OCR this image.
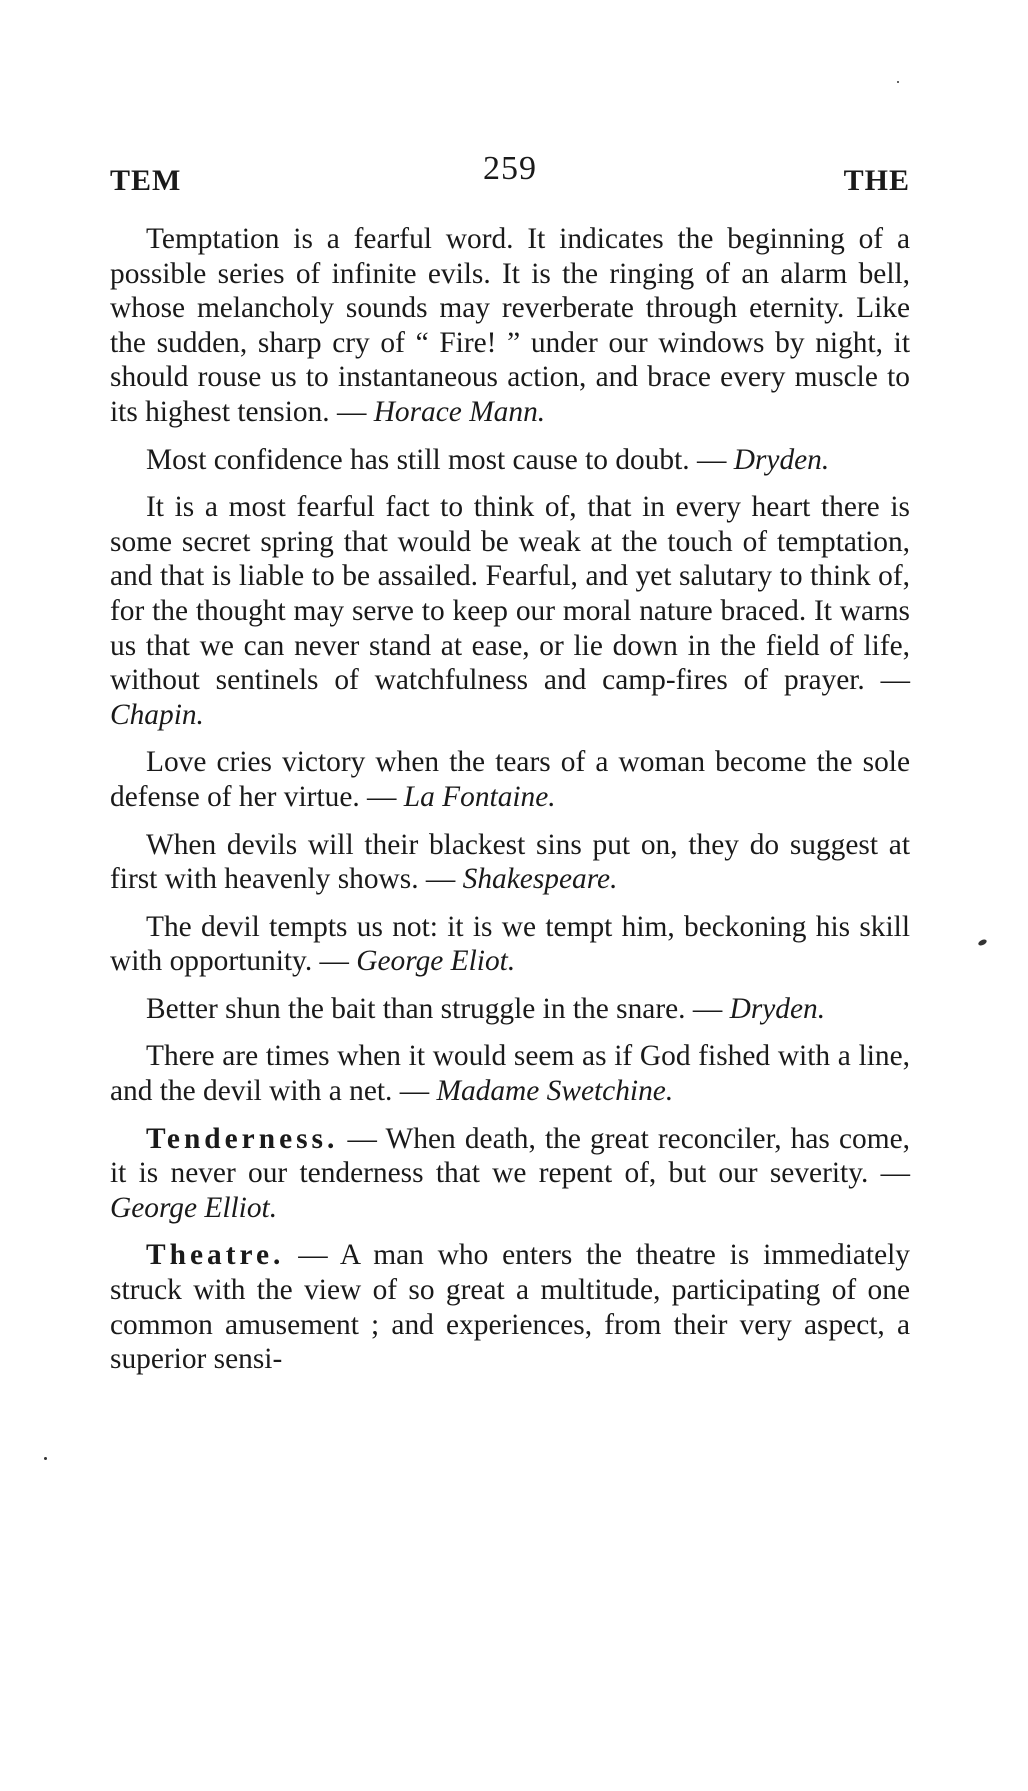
TEM	259	THE

Temptation is a fearful word. It indicates the beginning of a possible series of infinite evils. It is the ringing of an alarm bell, whose melancholy sounds may reverberate through eternity. Like the sudden, sharp cry of “ Fire! ” under our windows by night, it should rouse us to instantaneous action, and brace every muscle to its highest tension. — Horace Mann.

Most confidence has still most cause to doubt. — Dryden.

It is a most fearful fact to think of, that in every heart there is some secret spring that would be weak at the touch of temptation, and that is liable to be assailed. Fearful, and yet salutary to think of, for the thought may serve to keep our moral nature braced. It warns us that we can never stand at ease, or lie down in the field of life, without sentinels of watchfulness and camp-fires of prayer. — Chapin.

Love cries victory when the tears of a woman become the sole defense of her virtue. — La Fontaine.

When devils will their blackest sins put on, they do suggest at first with heavenly shows. — Shakespeare.

The devil tempts us not: it is we tempt him, beckoning his skill with opportunity. — George Eliot.

Better shun the bait than struggle in the snare. — Dryden.

There are times when it would seem as if God fished with a line, and the devil with a net. — Madame Swetchine.

Tenderness. — When death, the great reconciler, has come, it is never our tenderness that we repent of, but our severity. — George Elliot.

Theatre. — A man who enters the theatre is immediately struck with the view of so great a multitude, participating of one common amusement ; and experiences, from their very aspect, a superior sensi-
